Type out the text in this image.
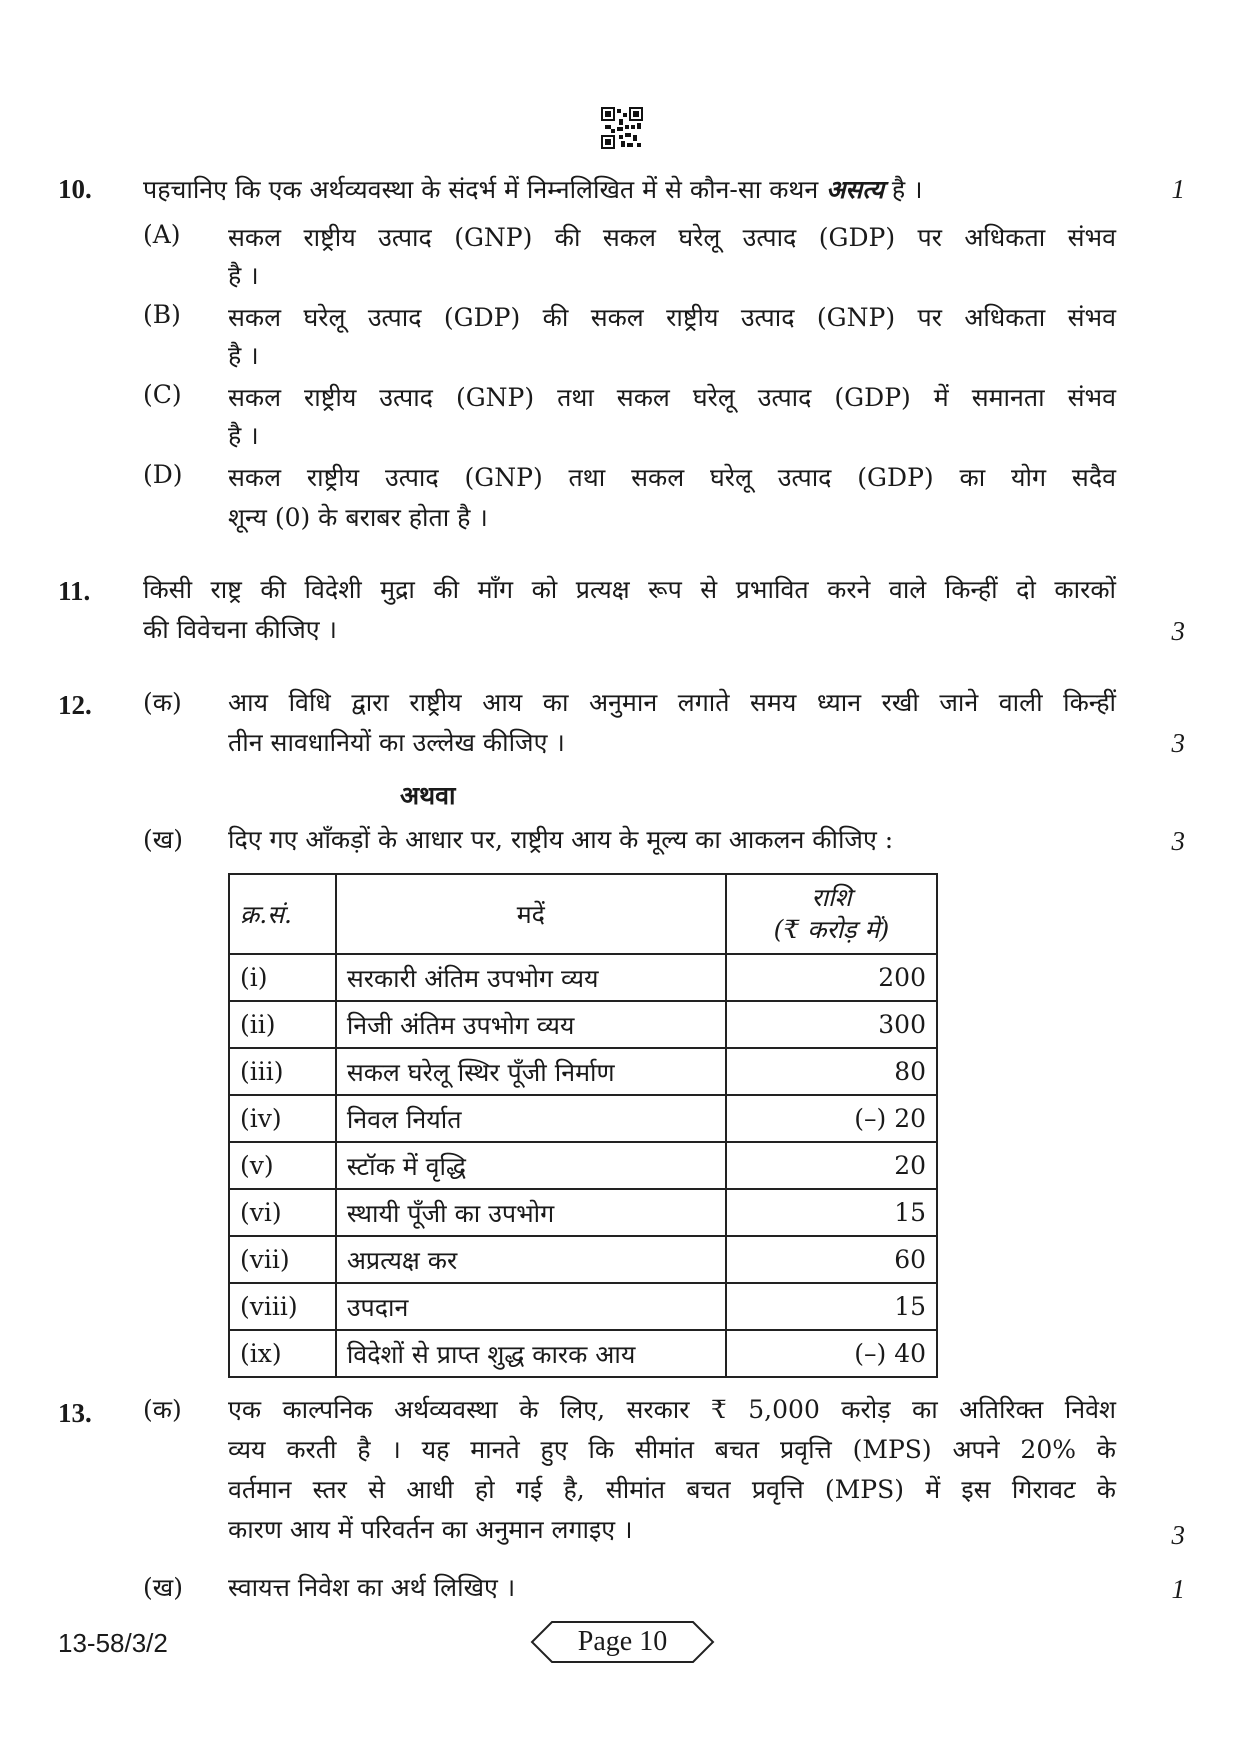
10. पहचानिए कि एक अर्थव्यवस्था के संदर्भ में निम्नलिखित में से कौन-सा कथन असत्य है ।	1
(A) सकल राष्ट्रीय उत्पाद (GNP) की सकल घरेलू उत्पाद (GDP) पर अधिकता संभव
है ।
(B) सकल घरेलू उत्पाद (GDP) की सकल राष्ट्रीय उत्पाद (GNP) पर अधिकता संभव
है ।
(C) सकल राष्ट्रीय उत्पाद (GNP) तथा सकल घरेलू उत्पाद (GDP) में समानता संभव
है ।
(D) सकल राष्ट्रीय उत्पाद (GNP) तथा सकल घरेलू उत्पाद (GDP) का योग सदैव
शून्य (0) के बराबर होता है ।
11. किसी राष्ट्र की विदेशी मुद्रा की माँग को प्रत्यक्ष रूप से प्रभावित करने वाले किन्हीं दो कारकों
की विवेचना कीजिए ।	3
12. (क) आय विधि द्वारा राष्ट्रीय आय का अनुमान लगाते समय ध्यान रखी जाने वाली किन्हीं
तीन सावधानियों का उल्लेख कीजिए ।	3
अथवा
(ख) दिए गए आँकड़ों के आधार पर, राष्ट्रीय आय के मूल्य का आकलन कीजिए :	3
क्र.सं.	मदें	राशि
(₹ करोड़ में)

(i)	सरकारी अंतिम उपभोग व्यय	200
(ii)	निजी अंतिम उपभोग व्यय	300
(iii)	सकल घरेलू स्थिर पूँजी निर्माण	80
(iv)	निवल निर्यात	(–) 20
(v)	स्टॉक में वृद्धि	20
(vi)	स्थायी पूँजी का उपभोग	15
(vii)	अप्रत्यक्ष कर	60
(viii)	उपदान	15
(ix)	विदेशों से प्राप्त शुद्ध कारक आय	(–) 40
13. (क) एक काल्पनिक अर्थव्यवस्था के लिए, सरकार ₹ 5,000 करोड़ का अतिरिक्त निवेश
व्यय करती है । यह मानते हुए कि सीमांत बचत प्रवृत्ति (MPS) अपने 20% के
वर्तमान स्तर से आधी हो गई है, सीमांत बचत प्रवृत्ति (MPS) में इस गिरावट के
कारण आय में परिवर्तन का अनुमान लगाइए ।	3
(ख) स्वायत्त निवेश का अर्थ लिखिए ।	1
13-58/3/2	Page 10
